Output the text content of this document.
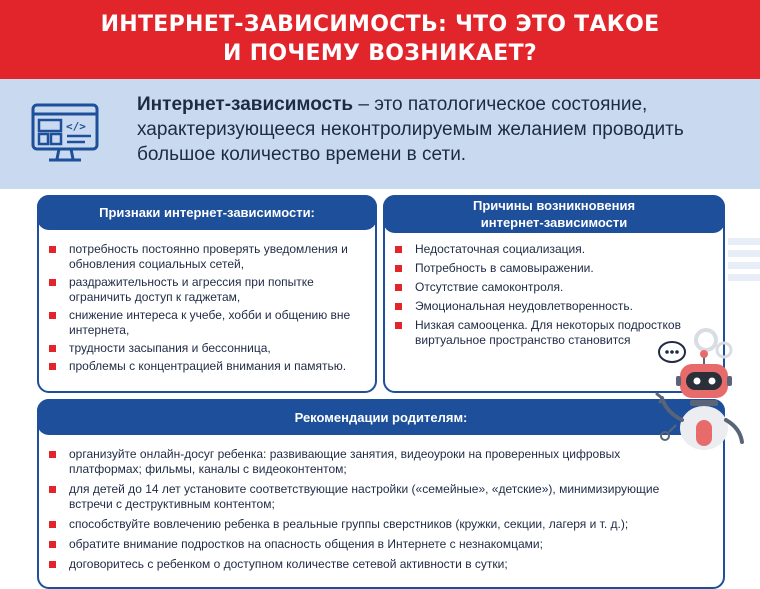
ИНТЕРНЕТ-ЗАВИСИМОСТЬ: ЧТО ЭТО ТАКОЕ
И ПОЧЕМУ ВОЗНИКАЕТ?
</>
Интернет-зависимость – это патологическое состояние, характеризующееся неконтролируемым желанием проводить большое количество времени в сети.
Признаки интернет-зависимости:
потребность постоянно проверять уведомления и обновления социальных сетей,
раздражительность и агрессия при попытке ограничить доступ к гаджетам,
снижение интереса к учебе, хобби и общению вне интернета,
трудности засыпания и бессонница,
проблемы с концентрацией внимания и памятью.
Причины возникновения
интернет-зависимости
Недостаточная социализация.
Потребность в самовыражении.
Отсутствие самоконтроля.
Эмоциональная неудовлетворенность.
Низкая самооценка. Для некоторых подростков виртуальное пространство становится
Рекомендации родителям:
организуйте онлайн-досуг ребенка: развивающие занятия, видеоуроки на проверенных цифровых платформах; фильмы, каналы с видеоконтентом;
для детей до 14 лет установите соответствующие настройки («семейные», «детские»), минимизирующие встречи с деструктивным контентом;
способствуйте вовлечению ребенка в реальные группы сверстников (кружки, секции, лагеря и т. д.);
обратите внимание подростков на опасность общения в Интернете с незнакомцами;
договоритесь с ребенком о доступном количестве сетевой активности в сутки;
